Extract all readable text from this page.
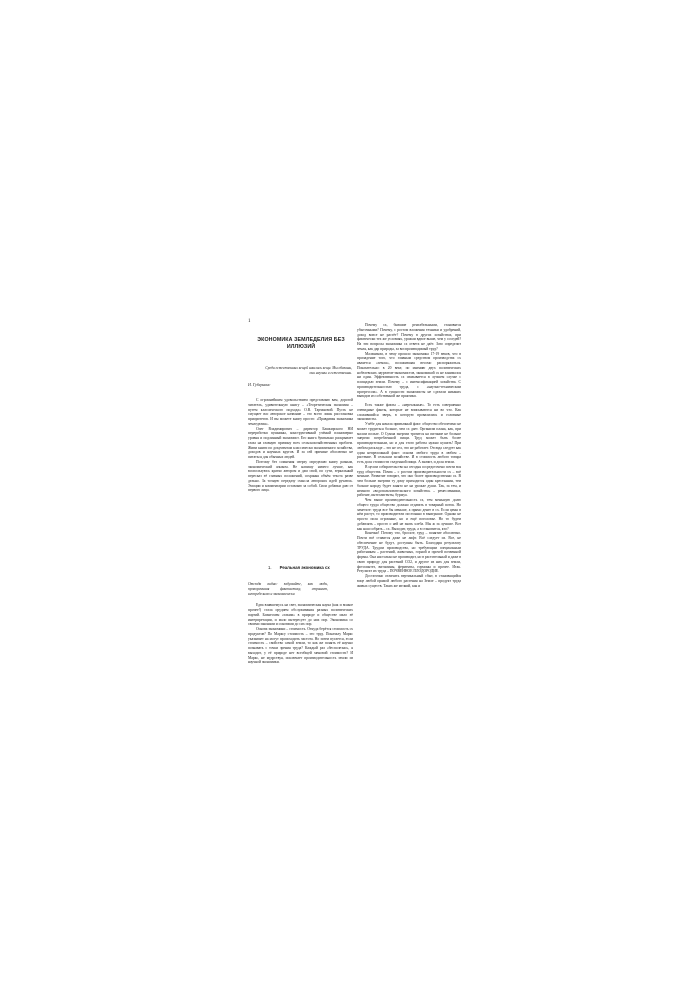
1
ЭКОНОМИКА ЗЕМЛЕДЕЛИЯ БЕЗ ИЛЛЮЗИЙ
Среди естественных вещей нашлись вещи. Мы обязаны, они научны и естественны.
И. Губернаис

С огромнейшим удовольствием представляю вам, дорогой читатель, удивительную книгу – «Теоретическая экономия – путем классического подхода» О.В. Тарчаковой. Пусть не смущает вас авторское название – это всего лишь расстановка приоритетов. И вы можете книгу просто: «Правдивая экономика земледелия».

Олег Владимирович – директор Башкирского НИ переработки пушнины, конструктивный учёный планомерно уровня и подлинный экономист. Его книга буквально раскрывает глаза на главную причину всех сельскохозяйственных проблем. Живи книги по документам классически экономичного хозяйства, доходов и научных кругов. И за сей причине абсолютно не питаться для обычных людей.

Поэтому без сомнения сверху определяю книгу разным, экономический языком. Не напишу ничего лучше, как воспользуюсь кратко автором и дам свой, по сути, зеркальный пересказ её главных положений, сохраняя объём текста разве дельно. За точную передачу смысла авторских идей ручаюсь. Эмоции и комментарии оставляю за собой. Свои добавки даю от первого лица.

1. Реальная экономика сх

Отсюда видно: задумайте, как люди, проворачивая фантастику, страшит, неопределимо и экономически

Едва взявшемусь на свет, экономическая наука (как и всякое прочее!) стала орудием обслуживания разных политических партий. Бизнесмен «таким» в природе и обществе мало её интерпретации, и мало интересует до них пор. Экономика со своими законами и основами до сих пор.

Основа экономики – стоимость. Откуда берётся стоимость сх продуктов? По Марксу стоимость – это труд. Поначалу Маркс указывает на могут происходить частота. Но затем пугается, если стоимость – свойство самой земли, то как же понять её научно познавать с точки зрения труда? Каждый раз «бесполезно», я выходит, у её природе нет всеобщей меновой стоимости? И Маркс, не мудрствуя, исключает производительность земли из научной экономики.

Почему сх, бывшие рентабельными, становятся убыточными? Почему, с ростом вложения техники и удобрений, доход вовсе не растёт? Почему в других хозяйствах, при фактически тех же условиях, урожаи вдвое выше, чем у соседей? На эти вопросы экономика сх ответа не даёт. Зато определит земля, как дар природы, за воспроизводимый труд?

Мальчиком, в чему прошло экономика 17-19 веков, что в пропадение того, что главным средством производства сх является «земля», положившая весомо распоряжаться. Показательно: в 20 веке, по мнению двух политических нобелевских лауреатов-экономистов, экономикой сх не занимался ни один. Эффективность сх связывается в лучшем случае с площадью земли. Почему – с интенсификацией хозяйства. С производительностью труда, с «научно-техническим прогрессом». А в сущности экономисты не сделали никаких выводов из собственной же практики.

Есть также факты – «нереальные». То есть совершенно очевидные факты, которые не вписываются ни во что. Как сложившийся зверь, в которую провалились и головные экономисты.

Учёбе для начала привычный факт: общество обеспечено не может трудиться больше, чем сх дает. Организм плана, как, при малом пользе. О Сумма энергии тратится на питание не больше энергии потребленной пищи. Труд может быть более производительным, но и для этого работы нужно кушать! При любом раскладе – это не сел, что не работает. Отсюда следует как один непреложный факт: основа любого труда в любом – растение. В сельском хозяйстве. И в стоимость любого товара есть доля стоимости съеденной пищи. А значит, и доля земли.

В целом собирательство на сегодня сосредоточено почти вся труд общества. Почва – с ростом производительности сх – всё меньше. Развитие говорит, что оно более производственно сх. В чем больше энергии ту дому приходится один крестьянин, тем больше народу будет занято не на урожае души. Так, за тем, и немного «водопользовательского хозяйства» – ремесленники, рабочие, интеллигенты, буржуа.

Чем выше производительность сх, тем меньшую долю общего труда общество должно отдавать в товарный поток. Но заметьте: труда все бы меньше, а прямо денег в сх. Если цены в нём растут, то производители постоянно в выигрыше. Однако не просто поля огромные, но и ещё поголовье. Но то будем добавлять – просто о ней не знать хлеба. Мы ж за лучшие. Вот как наш собрать – сх. Выходит, труда, а в становится, кто?

Конечно! Потому что, бросьте, труд – понятие абсолютно. Почти всё ставится даже не лифт. Всё следует из. Все, не обеспечение не будут, доступны быть. Благодаря результату ТРУДА. Трудом производства, но требующим специальным работникам – растений, животных, горной и прочей почвенной формы. Она настолько не производит, но в растительный и даже в свою природу для растений СО2, и другое из них для земли, фотосинтез, витамины, ферменты, гормоны и прочее. Итак. Результат их труда – ПОЧВЕННОЕ ПЛОДОРОДИЕ.

Достаточно отличить вертикальный сбыт, в становящийся воце любой прямой любого растения на Земле – продукт труда живых существ. Таких же мелкий, как и
